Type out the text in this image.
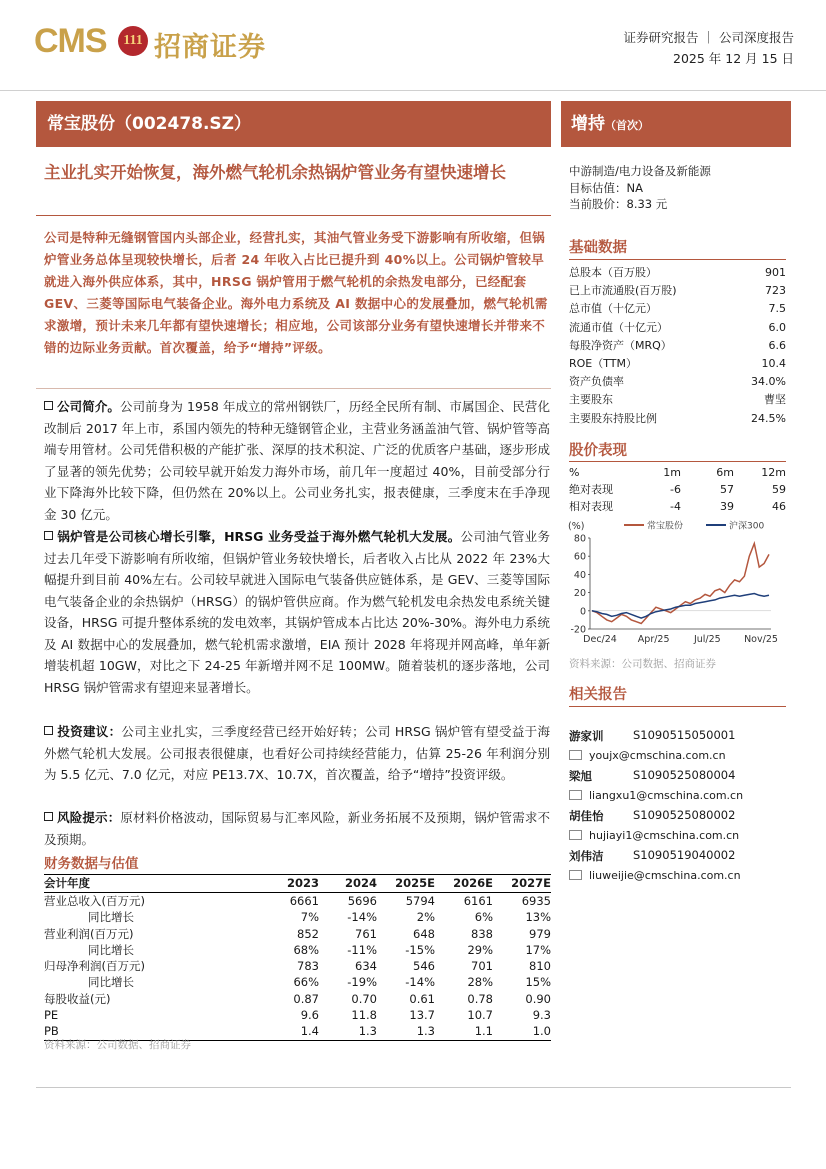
CMS	111 招商证券	证券研究报告 ｜ 公司深度报告
2025 年 12 月 15 日
常宝股份（002478.SZ）	增持（首次）
主业扎实开始恢复，海外燃气轮机余热锅炉管业务有望快速增长
公司是特种无缝钢管国内头部企业，经营扎实，其油气管业务受下游影响有所收缩，但锅炉管业务总体呈现较快增长，后者 24 年收入占比已提升到 40%以上。公司锅炉管较早就进入海外供应体系，其中，HRSG 锅炉管用于燃气轮机的余热发电部分，已经配套 GEV、三菱等国际电气装备企业。海外电力系统及 AI 数据中心的发展叠加，燃气轮机需求激增，预计未来几年都有望快速增长；相应地，公司该部分业务有望快速增长并带来不错的边际业务贡献。首次覆盖，给予“增持”评级。
公司简介。公司前身为 1958 年成立的常州钢铁厂，历经全民所有制、市属国企、民营化改制后 2017 年上市，系国内领先的特种无缝钢管企业，主营业务涵盖油气管、锅炉管等高端专用管材。公司凭借积极的产能扩张、深厚的技术积淀、广泛的优质客户基础，逐步形成了显著的领先优势；公司较早就开始发力海外市场，前几年一度超过 40%，目前受部分行业下降海外比较下降，但仍然在 20%以上。公司业务扎实，报表健康，三季度末在手净现金 30 亿元。
锅炉管是公司核心增长引擎，HRSG 业务受益于海外燃气轮机大发展。公司油气管业务过去几年受下游影响有所收缩，但锅炉管业务较快增长，后者收入占比从 2022 年 23%大幅提升到目前 40%左右。公司较早就进入国际电气装备供应链体系，是 GEV、三菱等国际电气装备企业的余热锅炉（HRSG）的锅炉管供应商。作为燃气轮机发电余热发电系统关键设备，HRSG 可提升整体系统的发电效率，其锅炉管成本占比达 20%-30%。海外电力系统及 AI 数据中心的发展叠加，燃气轮机需求激增，EIA 预计 2028 年将现并网高峰，单年新增装机超 10GW，对比之下 24-25 年新增并网不足 100MW。随着装机的逐步落地，公司 HRSG 锅炉管需求有望迎来显著增长。
投资建议：公司主业扎实，三季度经营已经开始好转；公司 HRSG 锅炉管有望受益于海外燃气轮机大发展。公司报表很健康，也看好公司持续经营能力，估算 25-26 年利润分别为 5.5 亿元、7.0 亿元，对应 PE13.7X、10.7X，首次覆盖，给予“增持”投资评级。
风险提示：原材料价格波动，国际贸易与汇率风险，新业务拓展不及预期，锅炉管需求不及预期。
中游制造/电力设备及新能源
目标估值：NA
当前股价：8.33 元
基础数据
总股本（百万股）	901
已上市流通股(百万股)	723
总市值（十亿元）	7.5
流通市值（十亿元）	6.0
每股净资产（MRQ）	6.6
ROE（TTM）	10.4
资产负债率	34.0%
主要股东	曹坚
主要股东持股比例	24.5%
股价表现
%	1m	6m	12m
绝对表现	-6	57	59
相对表现	-4	39	46
(%)
80
60
40
20
0
-20
Dec/24 Apr/25	Jul/25 Nov/25
常宝股份	沪深300
资料来源：公司数据、招商证券
相关报告
游家训	S1090515050001
youjx@cmschina.com.cn
梁旭	S1090525080004
liangxu1@cmschina.com.cn
胡佳怡	S1090525080002
hujiayi1@cmschina.com.cn
刘伟洁	S1090519040002
liuweijie@cmschina.com.cn
财务数据与估值
会计年度	2023	2024	2025E	2026E	2027E
营业总收入(百万元)	6661	5696	5794	6161	6935
同比增长	7%	-14%	2%	6%	13%
营业利润(百万元)	852	761	648	838	979
同比增长	68%	-11%	-15%	29%	17%
归母净利润(百万元)	783	634	546	701	810
同比增长	66%	-19%	-14%	28%	15%
每股收益(元)	0.87	0.70	0.61	0.78	0.90
PE	9.6	11.8	13.7	10.7	9.3
PB	1.4	1.3	1.3	1.1	1.0
资料来源：公司数据、招商证券
